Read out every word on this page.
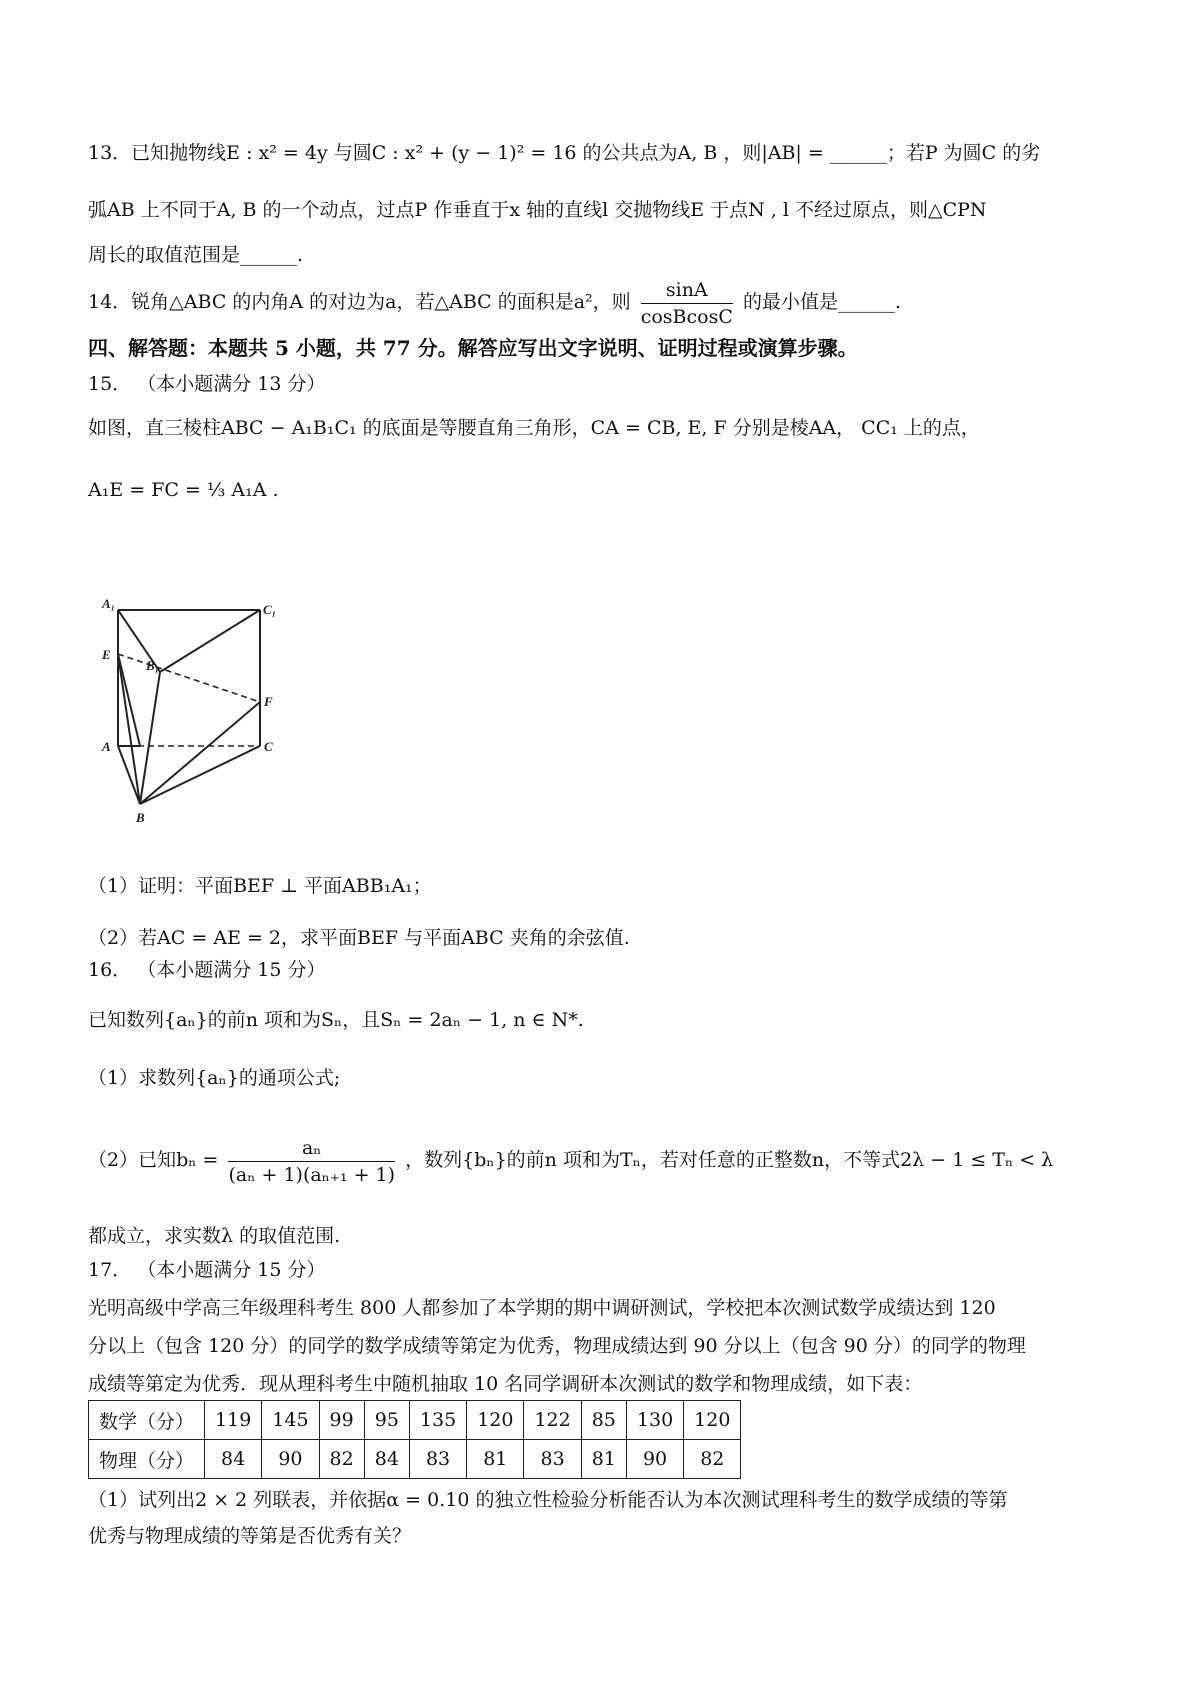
13．已知抛物线E : x² = 4y 与圆C : x² + (y − 1)² = 16 的公共点为A, B ，则|AB| = ______；若P 为圆C 的劣
弧AB 上不同于A, B 的一个动点，过点P 作垂直于x 轴的直线l 交抛物线E 于点N , l 不经过原点，则△CPN
周长的取值范围是______.
14．锐角△ABC 的内角A 的对边为a，若△ABC 的面积是a²，则 $\frac{\sin A}{\text{cosBcosC}}$ 的最小值是______.
四、解答题：本题共 5 小题，共 77 分。解答应写出文字说明、证明过程或演算步骤。
15． （本小题满分 13 分）
如图，直三棱柱ABC − A₁B₁C₁ 的底面是等腰直角三角形，CA = CB, E, F 分别是棱AA， CC₁ 上的点，
A₁E = FC = ⅓ A₁A .
A₁	C₁
B₁
E
F
A	C
B
（1）证明：平面BEF ⊥ 平面ABB₁A₁；
（2）若AC = AE = 2，求平面BEF 与平面ABC 夹角的余弦值.
16． （本小题满分 15 分）
已知数列{aₙ}的前n 项和为Sₙ，且Sₙ = 2aₙ − 1, n ∈ N*.
（1）求数列{aₙ}的通项公式;
（2）已知$b_n = \frac{\text{aₙ}}{\text{(aₙ + 1)(aₙ₊₁ + 1)}}$ ，数列{bₙ}的前n 项和为Tₙ，若对任意的正整数n，不等式2λ − 1 ≤ Tₙ < λ
都成立，求实数λ 的取值范围.
17． （本小题满分 15 分）
光明高级中学高三年级理科考生 800 人都参加了本学期的期中调研测试，学校把本次测试数学成绩达到 120
分以上（包含 120 分）的同学的数学成绩等第定为优秀，物理成绩达到 90 分以上（包含 90 分）的同学的物理
成绩等第定为优秀．现从理科考生中随机抽取 10 名同学调研本次测试的数学和物理成绩，如下表：
数学（分）	119	145	99	95	135	120	122	85	130	120
物理（分）	84	90	82	84	83	81	83	81	90	82
（1）试列出2 × 2 列联表，并依据α = 0.10 的独立性检验分析能否认为本次测试理科考生的数学成绩的等第
优秀与物理成绩的等第是否优秀有关？
